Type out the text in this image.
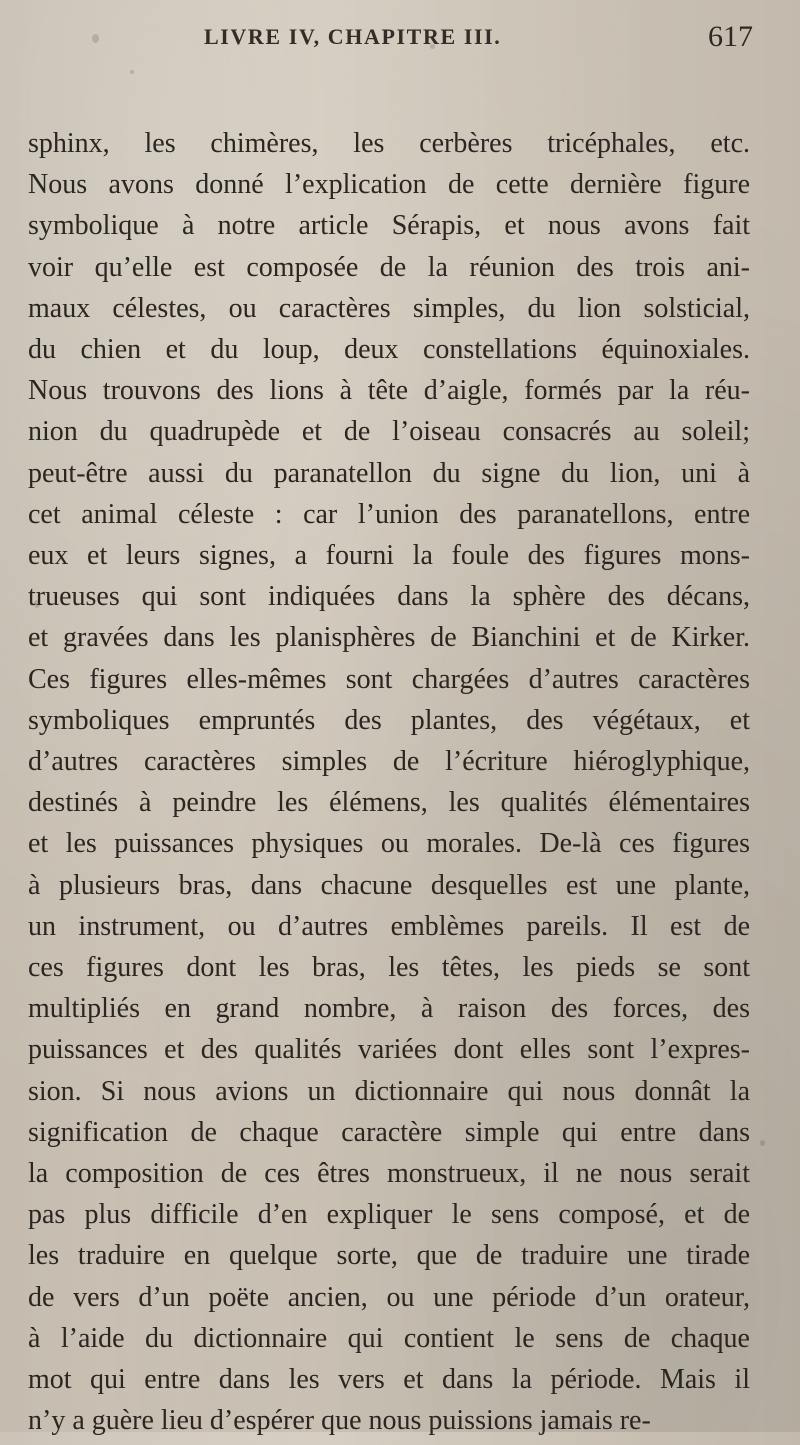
LIVRE IV, CHAPITRE III.	617
sphinx, les chimères, les cerbères tricéphales, etc.
Nous avons donné l’explication de cette dernière figure
symbolique à notre article Sérapis, et nous avons fait
voir qu’elle est composée de la réunion des trois ani-
maux célestes, ou caractères simples, du lion solsticial,
du chien et du loup, deux constellations équinoxiales.
Nous trouvons des lions à tête d’aigle, formés par la réu-
nion du quadrupède et de l’oiseau consacrés au soleil;
peut-être aussi du paranatellon du signe du lion, uni à
cet animal céleste : car l’union des paranatellons, entre
eux et leurs signes, a fourni la foule des figures mons-
trueuses qui sont indiquées dans la sphère des décans,
et gravées dans les planisphères de Bianchini et de Kirker.
Ces figures elles-mêmes sont chargées d’autres caractères
symboliques empruntés des plantes, des végétaux, et
d’autres caractères simples de l’écriture hiéroglyphique,
destinés à peindre les élémens, les qualités élémentaires
et les puissances physiques ou morales. De-là ces figures
à plusieurs bras, dans chacune desquelles est une plante,
un instrument, ou d’autres emblèmes pareils. Il est de
ces figures dont les bras, les têtes, les pieds se sont
multipliés en grand nombre, à raison des forces, des
puissances et des qualités variées dont elles sont l’expres-
sion. Si nous avions un dictionnaire qui nous donnât la
signification de chaque caractère simple qui entre dans
la composition de ces êtres monstrueux, il ne nous serait
pas plus difficile d’en expliquer le sens composé, et de
les traduire en quelque sorte, que de traduire une tirade
de vers d’un poëte ancien, ou une période d’un orateur,
à l’aide du dictionnaire qui contient le sens de chaque
mot qui entre dans les vers et dans la période. Mais il
n’y a guère lieu d’espérer que nous puissions jamais re-
